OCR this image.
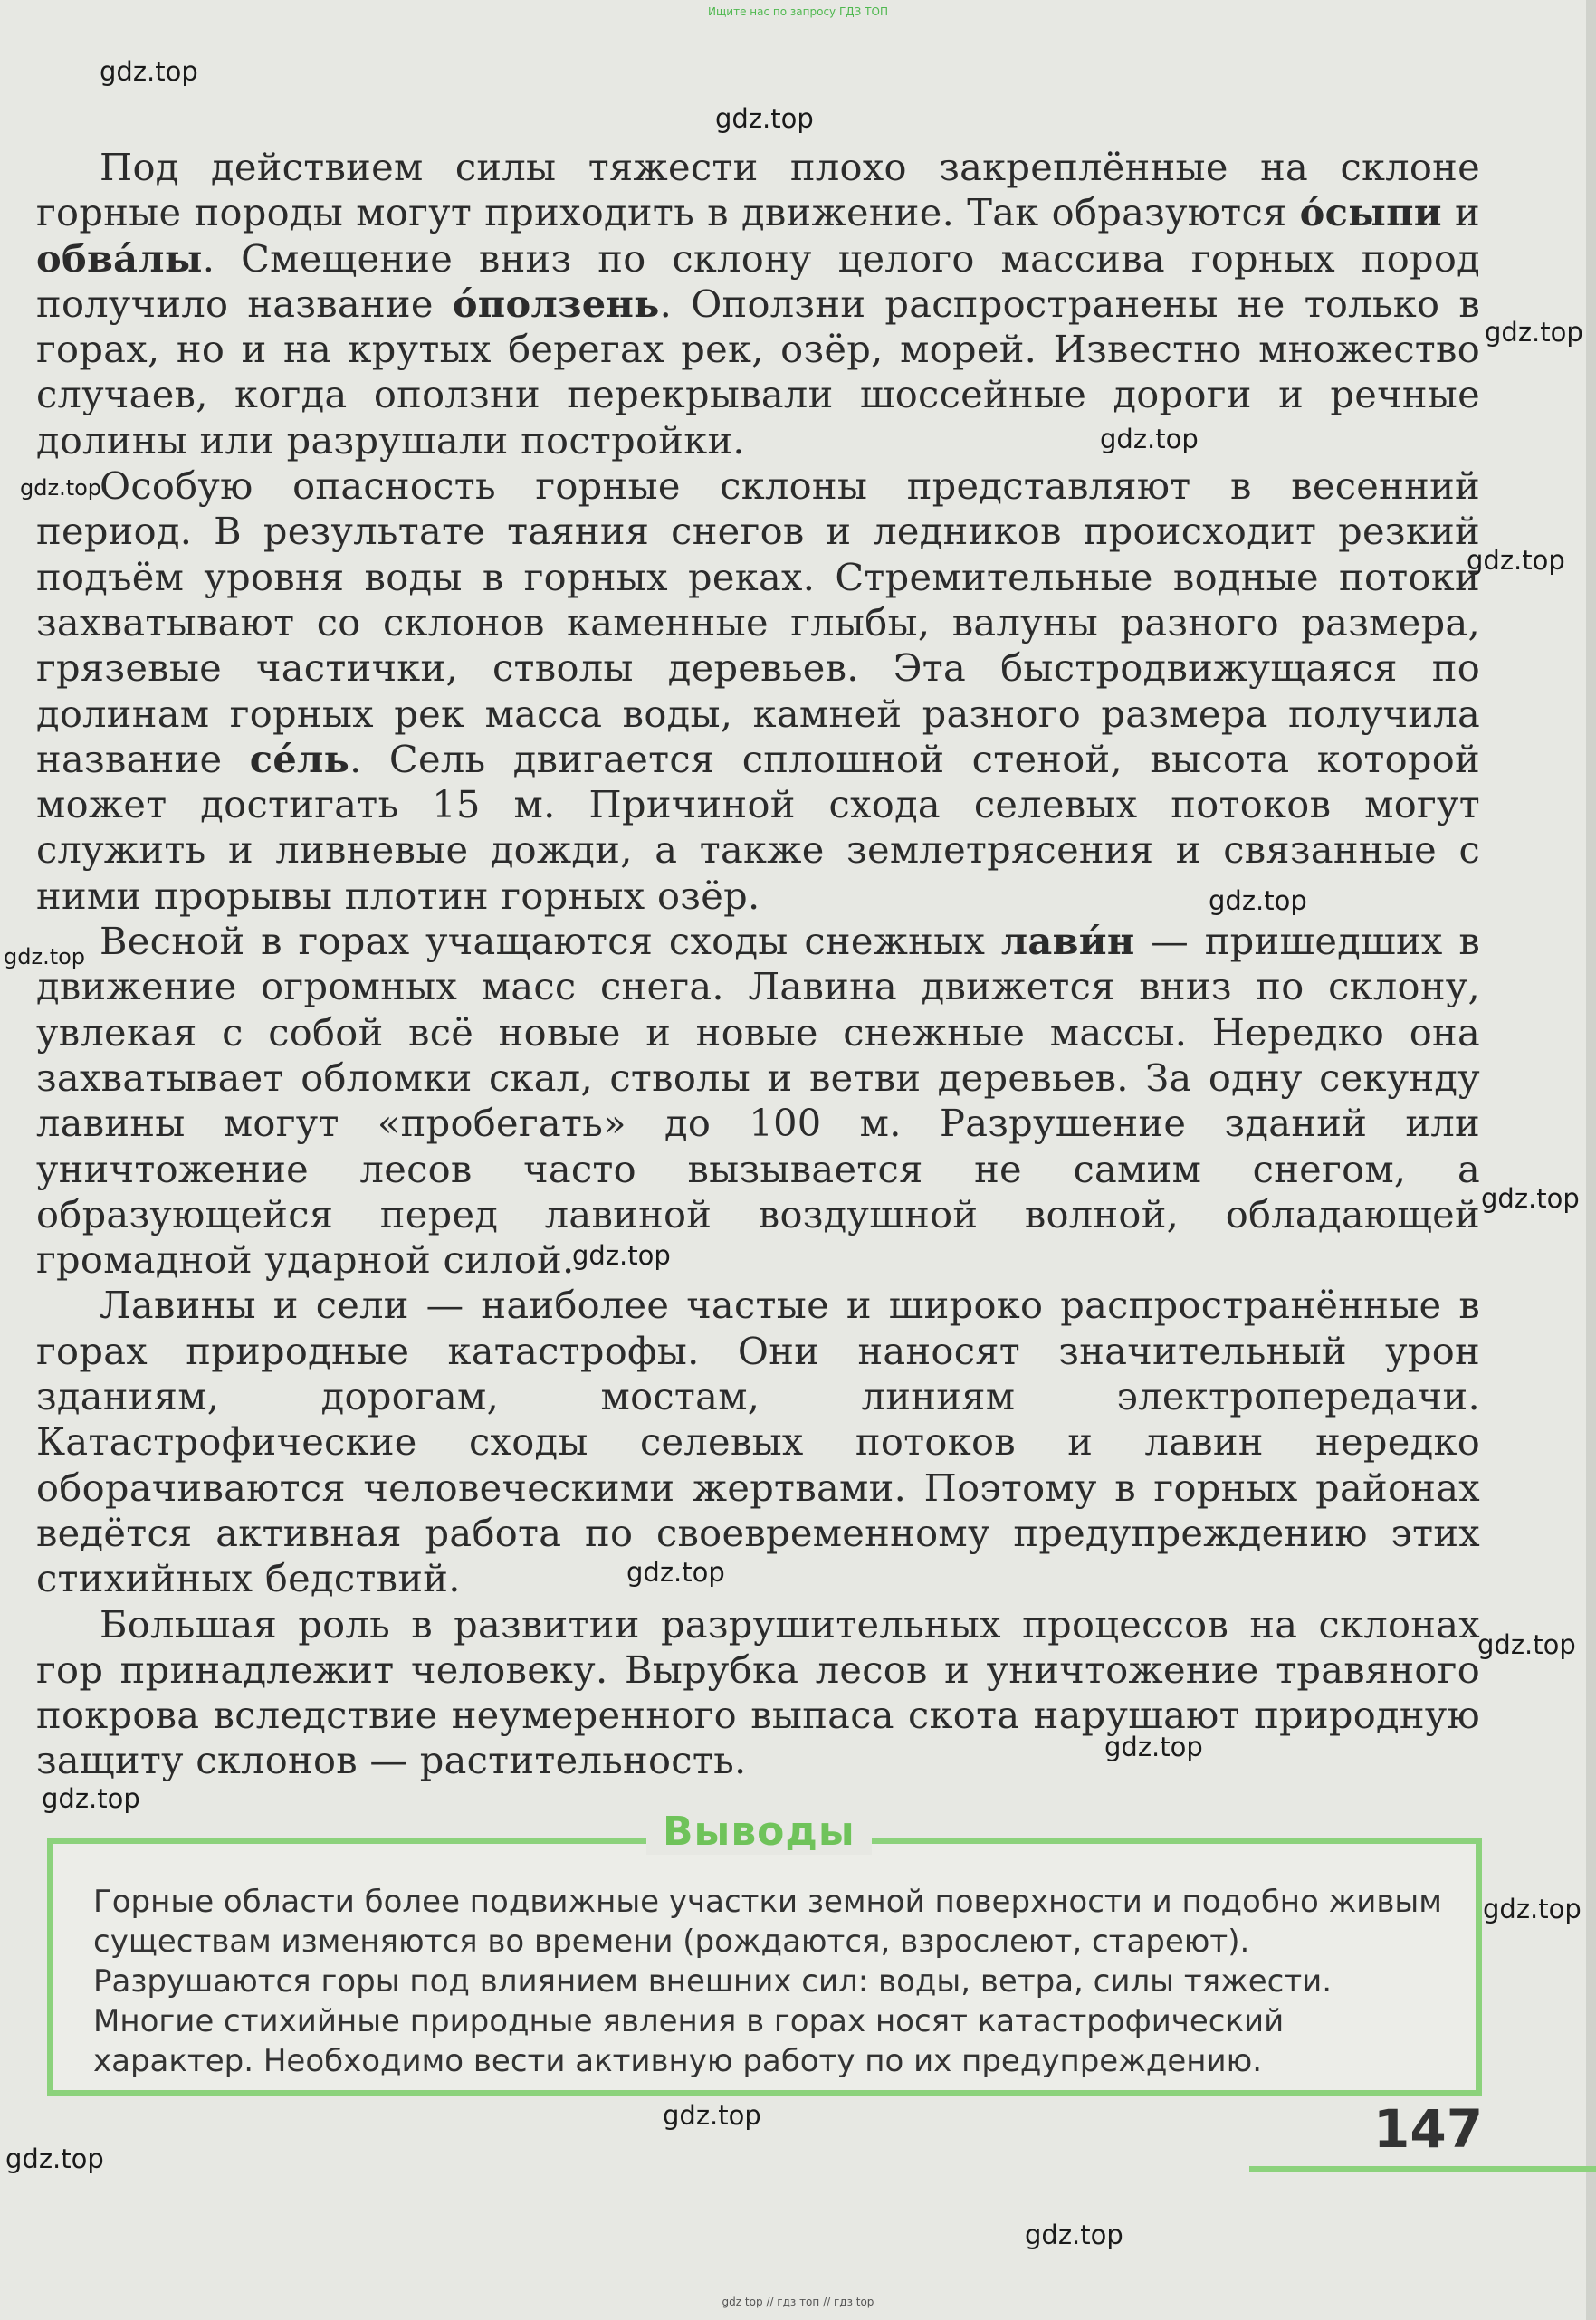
Ищите нас по запросу ГДЗ ТОП
gdz.top
gdz.top
gdz.top
gdz.top
gdz.top
gdz.top
gdz.top
gdz.top
gdz.top
gdz.top
gdz.top
gdz.top
gdz.top
gdz.top
gdz.top
gdz.top
gdz.top
gdz.top

Под действием силы тяжести плохо закреплённые на склоне горные породы могут приходить в движение. Так образуются о́сыпи и обва́лы. Смещение вниз по склону целого массива горных пород получило название о́ползень. Оползни распространены не только в горах, но и на крутых берегах рек, озёр, морей. Известно множество случаев, когда оползни перекрывали шоссейные дороги и речные долины или разрушали постройки.

Особую опасность горные склоны представляют в весенний период. В результате таяния снегов и ледников происходит резкий подъём уровня воды в горных реках. Стремительные водные потоки захватывают со склонов каменные глыбы, валуны разного размера, грязевые частички, стволы деревьев. Эта быстродвижущаяся по долинам горных рек масса воды, камней разного размера получила название се́ль. Сель двигается сплошной стеной, высота которой может достигать 15 м. Причиной схода селевых потоков могут служить и ливневые дожди, а также землетрясения и связанные с ними прорывы плотин горных озёр.

Весной в горах учащаются сходы снежных лави́н — пришедших в движение огромных масс снега. Лавина движется вниз по склону, увлекая с собой всё новые и новые снежные массы. Нередко она захватывает обломки скал, стволы и ветви деревьев. За одну секунду лавины могут «пробегать» до 100 м. Разрушение зданий или уничтожение лесов часто вызывается не самим снегом, а образующейся перед лавиной воздушной волной, обладающей громадной ударной силой.

Лавины и сели — наиболее частые и широко распространённые в горах природные катастрофы. Они наносят значительный урон зданиям, дорогам, мостам, линиям электропередачи. Катастрофические сходы селевых потоков и лавин нередко оборачиваются человеческими жертвами. Поэтому в горных районах ведётся активная работа по своевременному предупреждению этих стихийных бедствий.

Большая роль в развитии разрушительных процессов на склонах гор принадлежит человеку. Вырубка лесов и уничтожение травяного покрова вследствие неумеренного выпаса скота нарушают природную защиту склонов — растительность.

Горные области более подвижные участки земной поверхности и подобно живым существам изменяются во времени (рождаются, взрослеют, стареют). Разрушаются горы под влиянием внешних сил: воды, ветра, силы тяжести. Многие стихийные природные явления в горах носят катастрофический характер. Необходимо вести активную работу по их предупреждению.
Выводы
147
gdz top // гдз топ // гдз top
